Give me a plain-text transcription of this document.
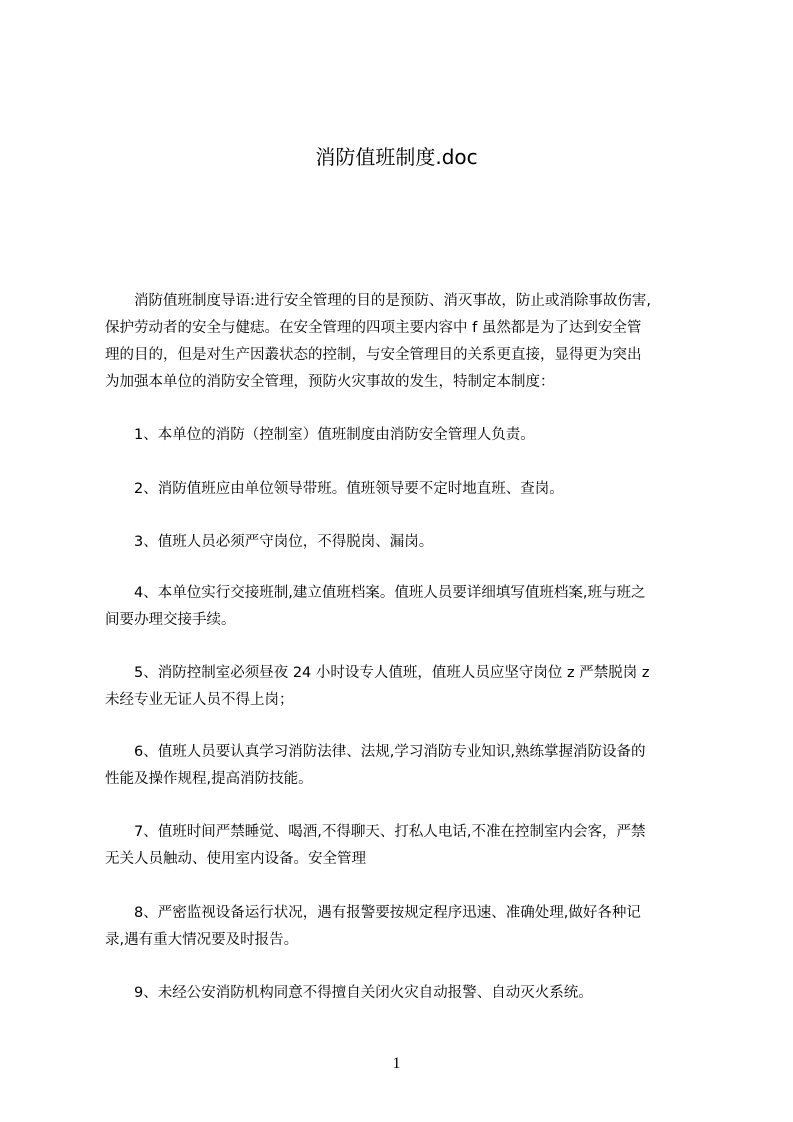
消防值班制度.doc
　　消防值班制度导语:进行安全管理的目的是预防、消灭事故，防止或消除事故伤害,
保护劳动者的安全与健痣。在安全管理的四项主要内容中 f 虽然都是为了达到安全管
理的目的，但是对生产因叢状态的控制，与安全管理目的关系更直接，显得更为突出
为加强本单位的消防安全管理，预防火灾事故的发生，特制定本制度：
　　1、本单位的消防（控制室）值班制度由消防安全管理人负责。
　　2、消防值班应由单位领导带班。值班领导要不定时地直班、查岗。
　　3、值班人员必须严守岗位，不得脱岗、漏岗。
　　4、本单位实行交接班制,建立值班档案。值班人员要详细填写值班档案,班与班之
间要办理交接手续。
　　5、消防控制室必须昼夜 24 小时设专人值班，值班人员应坚守岗位 z 严禁脱岗 z
未经专业无证人员不得上岗；
　　6、值班人员要认真学习消防法律、法规,学习消防专业知识,熟练掌握消防设备的
性能及操作规程,提高消防技能。
　　7、值班时间严禁睡觉、喝酒,不得聊天、打私人电话,不准在控制室内会客，严禁
无关人员触动、使用室内设备。安全管理
　　8、严密监视设备运行状况，遇有报警要按规定程序迅速、准确处理,做好各种记
录,遇有重大情况要及时报告。
　　9、未经公安消防机构同意不得擅自关闭火灾自动报警、自动灭火系统。
1
